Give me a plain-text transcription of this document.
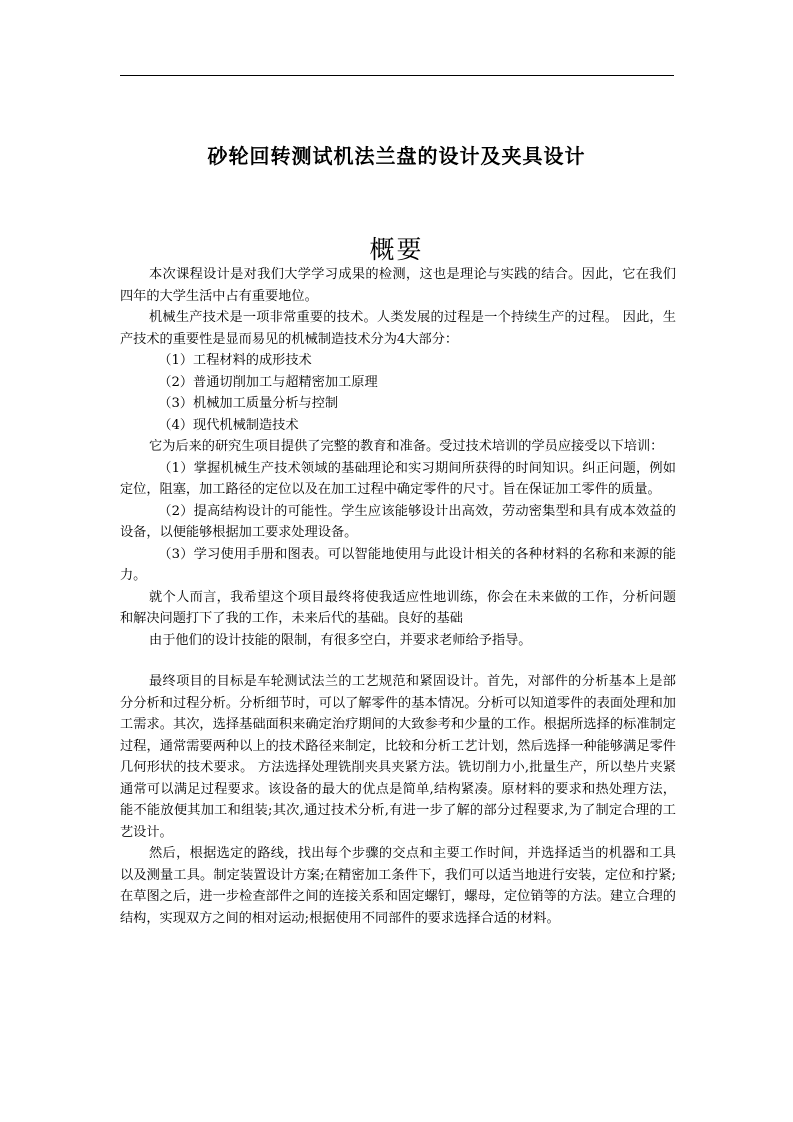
砂轮回转测试机法兰盘的设计及夹具设计
概要

本次课程设计是对我们大学学习成果的检测，这也是理论与实践的结合。因此，它在我们四年的大学生活中占有重要地位。

机械生产技术是一项非常重要的技术。人类发展的过程是一个持续生产的过程。 因此，生产技术的重要性是显而易见的机械制造技术分为4大部分：

（1）工程材料的成形技术

（2）普通切削加工与超精密加工原理

（3）机械加工质量分析与控制

（4）现代机械制造技术

它为后来的研究生项目提供了完整的教育和准备。受过技术培训的学员应接受以下培训：

（1）掌握机械生产技术领域的基础理论和实习期间所获得的时间知识。纠正问题，例如定位，阻塞，加工路径的定位以及在加工过程中确定零件的尺寸。旨在保证加工零件的质量。

（2）提高结构设计的可能性。学生应该能够设计出高效，劳动密集型和具有成本效益的设备，以便能够根据加工要求处理设备。

（3）学习使用手册和图表。可以智能地使用与此设计相关的各种材料的名称和来源的能力。

就个人而言，我希望这个项目最终将使我适应性地训练，你会在未来做的工作，分析问题和解决问题打下了我的工作，未来后代的基础。良好的基础

由于他们的设计技能的限制，有很多空白，并要求老师给予指导。

最终项目的目标是车轮测试法兰的工艺规范和紧固设计。首先，对部件的分析基本上是部分分析和过程分析。分析细节时，可以了解零件的基本情况。分析可以知道零件的表面处理和加工需求。其次，选择基础面积来确定治疗期间的大致参考和少量的工作。根据所选择的标准制定过程，通常需要两种以上的技术路径来制定，比较和分析工艺计划，然后选择一种能够满足零件几何形状的技术要求。 方法选择处理铣削夹具夹紧方法。铣切削力小,批量生产，所以垫片夹紧通常可以满足过程要求。该设备的最大的优点是简单,结构紧凑。原材料的要求和热处理方法，能不能放便其加工和组装;其次,通过技术分析,有进一步了解的部分过程要求,为了制定合理的工艺设计。

然后，根据选定的路线，找出每个步骤的交点和主要工作时间，并选择适当的机器和工具以及测量工具。制定装置设计方案;在精密加工条件下，我们可以适当地进行安装，定位和拧紧;在草图之后，进一步检查部件之间的连接关系和固定螺钉，螺母，定位销等的方法。建立合理的结构，实现双方之间的相对运动;根据使用不同部件的要求选择合适的材料。
